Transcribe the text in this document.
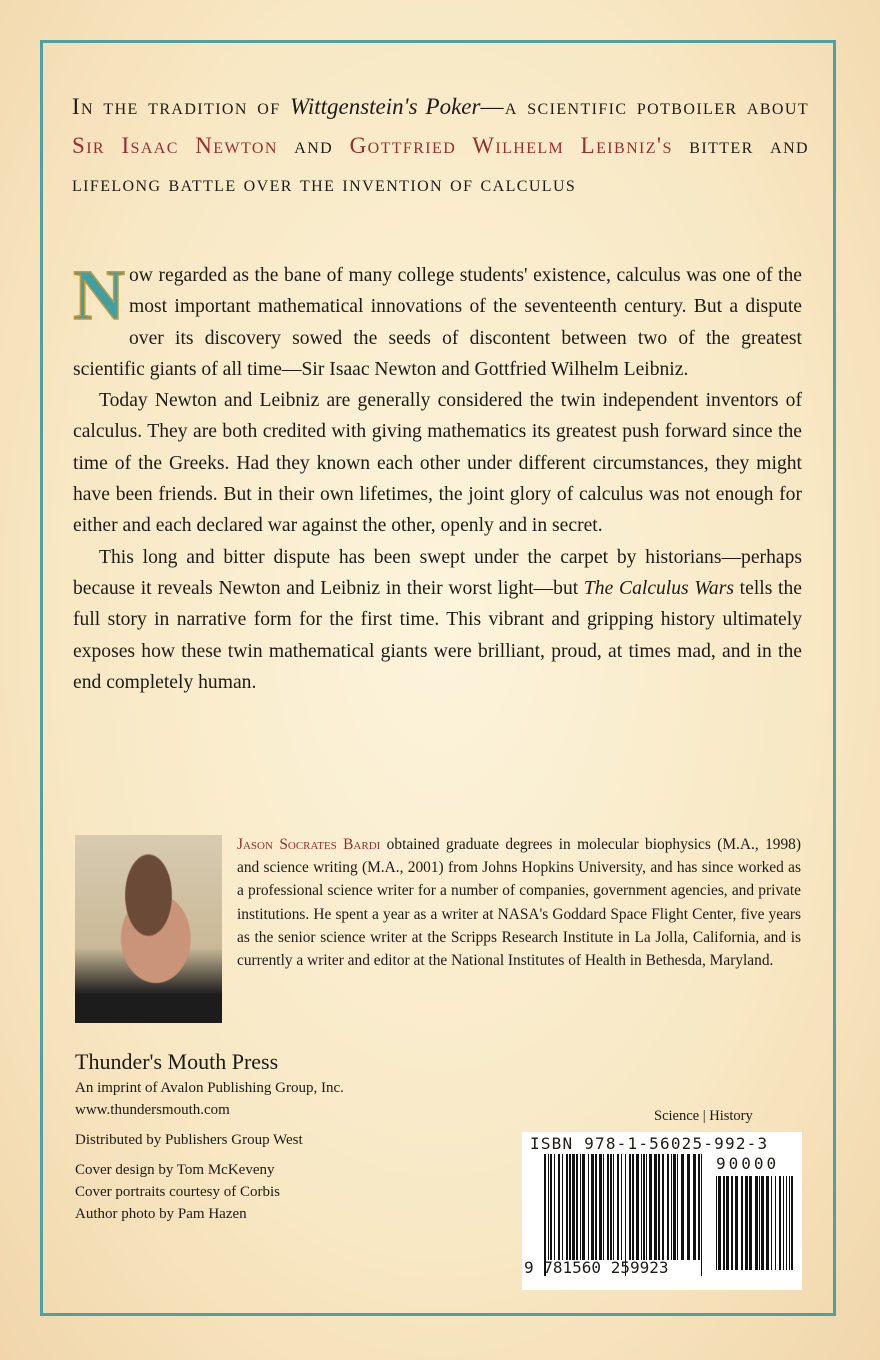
In the tradition of Wittgenstein's Poker—a scientific potboiler about Sir Isaac Newton and Gottfried Wilhelm Leibniz's bitter and lifelong battle over the invention of calculus

Now regarded as the bane of many college students' existence, calculus was one of the most important mathematical innovations of the seventeenth century. But a dispute over its discovery sowed the seeds of discontent between two of the greatest scientific giants of all time—Sir Isaac Newton and Gottfried Wilhelm Leibniz.

Today Newton and Leibniz are generally considered the twin independent inventors of calculus. They are both credited with giving mathematics its greatest push forward since the time of the Greeks. Had they known each other under different circumstances, they might have been friends. But in their own lifetimes, the joint glory of calculus was not enough for either and each declared war against the other, openly and in secret.

This long and bitter dispute has been swept under the carpet by historians—perhaps because it reveals Newton and Leibniz in their worst light—but The Calculus Wars tells the full story in narrative form for the first time. This vibrant and gripping history ultimately exposes how these twin mathematical giants were brilliant, proud, at times mad, and in the end completely human.

Jason Socrates Bardi obtained graduate degrees in molecular biophysics (M.A., 1998) and science writing (M.A., 2001) from Johns Hopkins University, and has since worked as a professional science writer for a number of companies, government agencies, and private institutions. He spent a year as a writer at NASA's Goddard Space Flight Center, five years as the senior science writer at the Scripps Research Institute in La Jolla, California, and is currently a writer and editor at the National Institutes of Health in Bethesda, Maryland.
Thunder's Mouth Press
An imprint of Avalon Publishing Group, Inc.
www.thundersmouth.com
Distributed by Publishers Group West
Cover design by Tom McKeveny
Cover portraits courtesy of Corbis
Author photo by Pam Hazen
Science | History
ISBN 978-1-56025-992-3
90000
9 781560 259923
